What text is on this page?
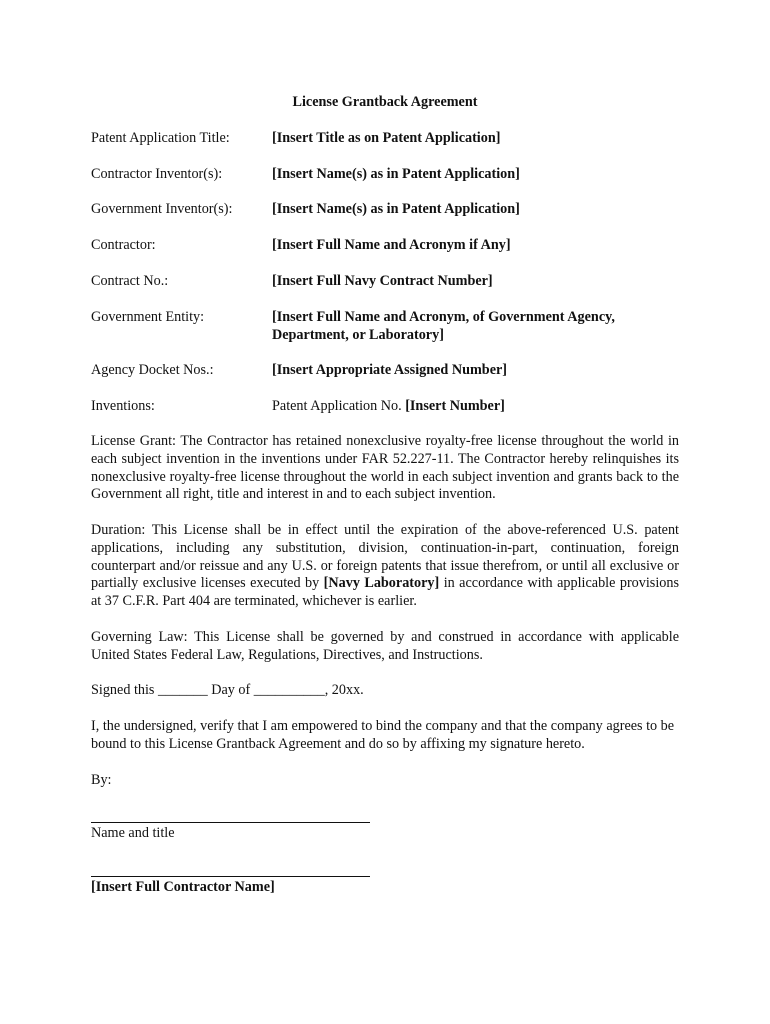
License Grantback Agreement
Patent Application Title:	[Insert Title as on Patent Application]
Contractor Inventor(s):	[Insert Name(s) as in Patent Application]
Government Inventor(s):	[Insert Name(s) as in Patent Application]
Contractor:	[Insert Full Name and Acronym if Any]
Contract No.:	[Insert Full Navy Contract Number]
Government Entity:	[Insert Full Name and Acronym, of Government Agency,
Department, or Laboratory]
Agency Docket Nos.:	[Insert Appropriate Assigned Number]
Inventions:	Patent Application No. [Insert Number]
License Grant: The Contractor has retained nonexclusive royalty-free license throughout the world in each subject invention in the inventions under FAR 52.227-11. The Contractor hereby relinquishes its nonexclusive royalty-free license throughout the world in each subject invention and grants back to the Government all right, title and interest in and to each subject invention.
Duration: This License shall be in effect until the expiration of the above-referenced U.S. patent applications, including any substitution, division, continuation-in-part, continuation, foreign counterpart and/or reissue and any U.S. or foreign patents that issue therefrom, or until all exclusive or partially exclusive licenses executed by [Navy Laboratory] in accordance with applicable provisions at 37 C.F.R. Part 404 are terminated, whichever is earlier.
Governing Law: This License shall be governed by and construed in accordance with applicable United States Federal Law, Regulations, Directives, and Instructions.
Signed this _______ Day of __________, 20xx.
I, the undersigned, verify that I am empowered to bind the company and that the company agrees to be bound to this License Grantback Agreement and do so by affixing my signature hereto.
By:
Name and title
[Insert Full Contractor Name]
